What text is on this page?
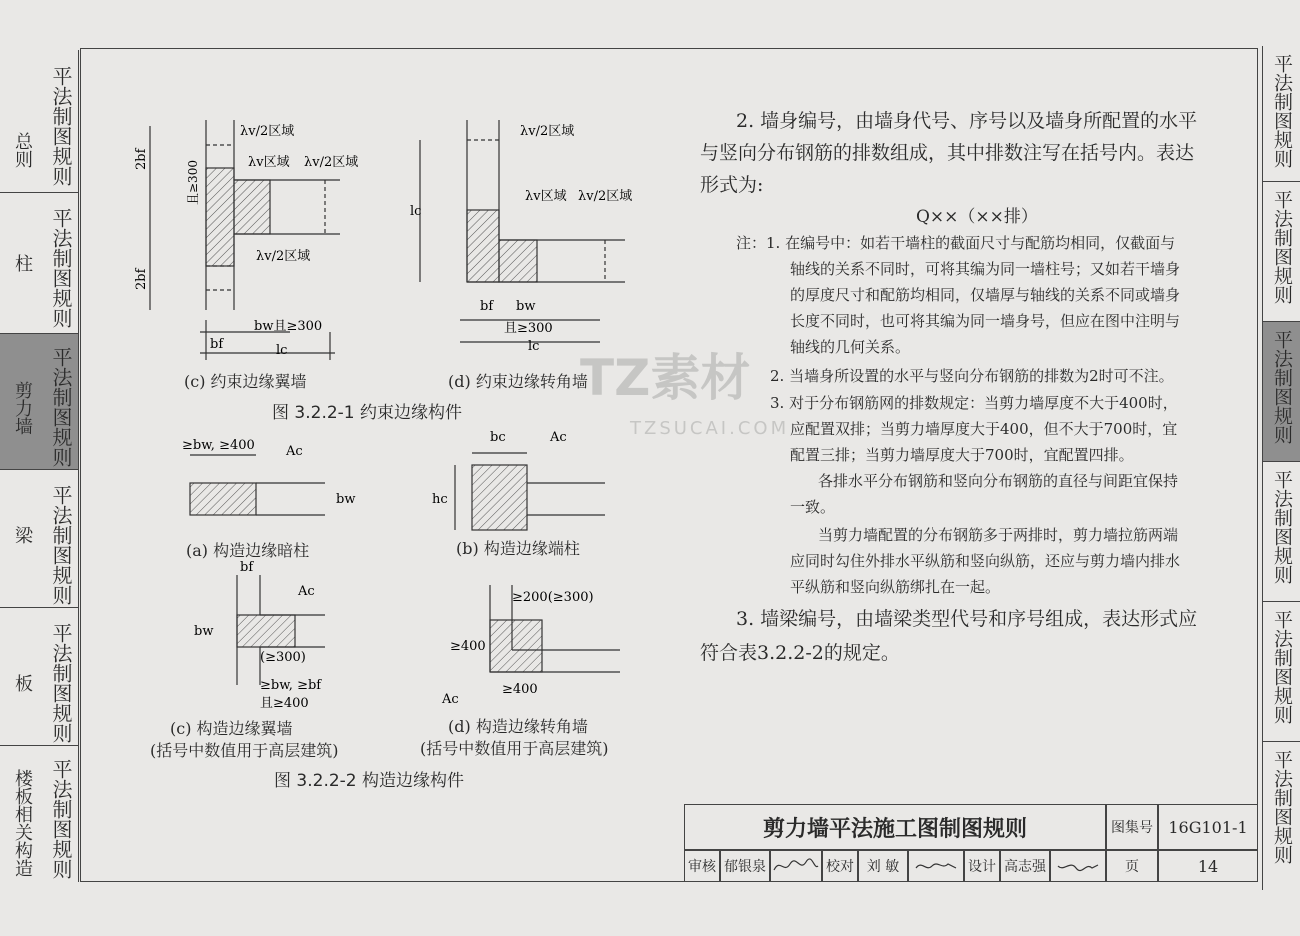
总则 平法制图规则
柱 平法制图规则
剪力墙 平法制图规则
梁 平法制图规则
板 平法制图规则
楼板相关构造 平法制图规则
平法制图规则
平法制图规则
平法制图规则
平法制图规则
平法制图规则
平法制图规则
λv/2区域
λv区域 λv/2区域
λv/2区域
2bf
2bf
且≥300
bf
bw且≥300
lc
λv/2区域
λv区域 λv/2区域
lc
bf bw
且≥300
lc
(c) 约束边缘翼墙	(d) 约束边缘转角墙
图 3.2.2-1 约束边缘构件
≥bw, ≥400 Ac
bw
bc	Ac
hc
bf
Ac
bw
(≥300)
≥bw, ≥bf
且≥400
≥200(≥300)
≥400
≥400
Ac
(a) 构造边缘暗柱	(b) 构造边缘端柱
(c) 构造边缘翼墙
(括号中数值用于高层建筑)
(d) 构造边缘转角墙
(括号中数值用于高层建筑)
图 3.2.2-2 构造边缘构件
2. 墙身编号，由墙身代号、序号以及墙身所配置的水平
与竖向分布钢筋的排数组成，其中排数注写在括号内。表达
形式为:
Q××（××排）
注：1. 在编号中：如若干墙柱的截面尺寸与配筋均相同，仅截面与
轴线的关系不同时，可将其编为同一墙柱号；又如若干墙身
的厚度尺寸和配筋均相同，仅墙厚与轴线的关系不同或墙身
长度不同时，也可将其编为同一墙身号，但应在图中注明与
轴线的几何关系。
2. 当墙身所设置的水平与竖向分布钢筋的排数为2时可不注。
3. 对于分布钢筋网的排数规定：当剪力墙厚度不大于400时，
应配置双排；当剪力墙厚度大于400，但不大于700时，宜
配置三排；当剪力墙厚度大于700时，宜配置四排。
各排水平分布钢筋和竖向分布钢筋的直径与间距宜保持
一致。
当剪力墙配置的分布钢筋多于两排时，剪力墙拉筋两端
应同时勾住外排水平纵筋和竖向纵筋，还应与剪力墙内排水
平纵筋和竖向纵筋绑扎在一起。
3. 墙梁编号，由墙梁类型代号和序号组成，表达形式应
符合表3.2.2-2的规定。
TZ素材
TZSUCAI.COM
剪力墙平法施工图制图规则	图集号 16G101-1
审核 郁银泉	校对 刘 敏	设计 高志强	页	14
